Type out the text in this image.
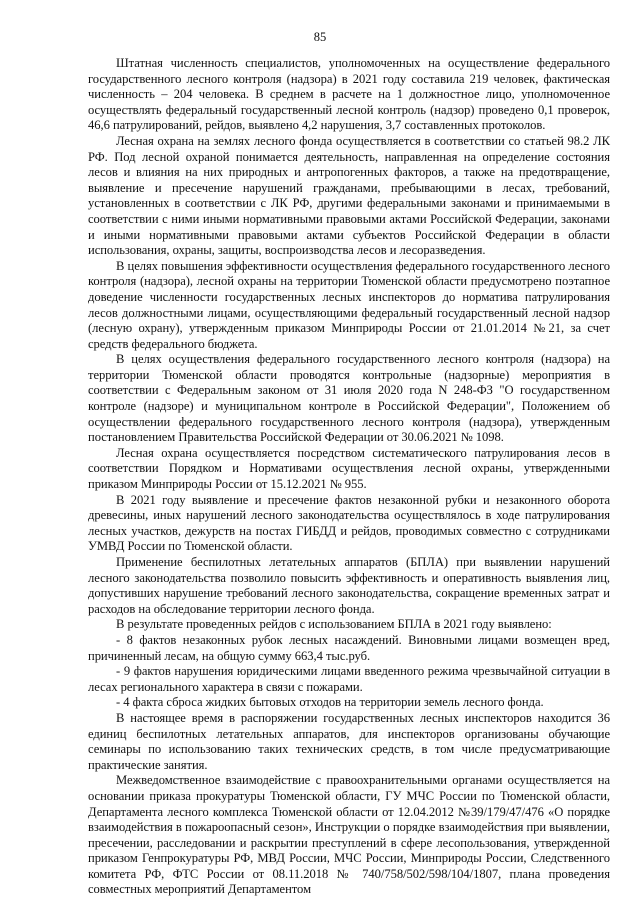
85

Штатная численность специалистов, уполномоченных на осуществление федерального государственного лесного контроля (надзора) в 2021 году составила 219 человек, фактическая численность – 204 человека. В среднем в расчете на 1 должностное лицо, уполномоченное осуществлять федеральный государственный лесной контроль (надзор) проведено 0,1 проверок, 46,6 патрулирований, рейдов, выявлено 4,2 нарушения, 3,7 составленных протоколов.

Лесная охрана на землях лесного фонда осуществляется в соответствии со статьей 98.2 ЛК РФ. Под лесной охраной понимается деятельность, направленная на определение состояния лесов и влияния на них природных и антропогенных факторов, а также на предотвращение, выявление и пресечение нарушений гражданами, пребывающими в лесах, требований, установленных в соответствии с ЛК РФ, другими федеральными законами и принимаемыми в соответствии с ними иными нормативными правовыми актами Российской Федерации, законами и иными нормативными правовыми актами субъектов Российской Федерации в области использования, охраны, защиты, воспроизводства лесов и лесоразведения.

В целях повышения эффективности осуществления федерального государственного лесного контроля (надзора), лесной охраны на территории Тюменской области предусмотрено поэтапное доведение численности государственных лесных инспекторов до норматива патрулирования лесов должностными лицами, осуществляющими федеральный государственный лесной надзор (лесную охрану), утвержденным приказом Минприроды России от 21.01.2014 №21, за счет средств федерального бюджета.

В целях осуществления федерального государственного лесного контроля (надзора) на территории Тюменской области проводятся контрольные (надзорные) мероприятия в соответствии с Федеральным законом от 31 июля 2020 года N 248-ФЗ "О государственном контроле (надзоре) и муниципальном контроле в Российской Федерации", Положением об осуществлении федерального государственного лесного контроля (надзора), утвержденным постановлением Правительства Российской Федерации от 30.06.2021 № 1098.

Лесная охрана осуществляется посредством систематического патрулирования лесов в соответствии Порядком и Нормативами осуществления лесной охраны, утвержденными приказом Минприроды России от 15.12.2021 № 955.

В 2021 году выявление и пресечение фактов незаконной рубки и незаконного оборота древесины, иных нарушений лесного законодательства осуществлялось в ходе патрулирования лесных участков, дежурств на постах ГИБДД и рейдов, проводимых совместно с сотрудниками УМВД России по Тюменской области.

Применение беспилотных летательных аппаратов (БПЛА) при выявлении нарушений лесного законодательства позволило повысить эффективность и оперативность выявления лиц, допустивших нарушение требований лесного законодательства, сокращение временных затрат и расходов на обследование территории лесного фонда.

В результате проведенных рейдов с использованием БПЛА в 2021 году выявлено:

- 8 фактов незаконных рубок лесных насаждений. Виновными лицами возмещен вред, причиненный лесам, на общую сумму 663,4 тыс.руб.

- 9 фактов нарушения юридическими лицами введенного режима чрезвычайной ситуации в лесах регионального характера в связи с пожарами.

- 4 факта сброса жидких бытовых отходов на территории земель лесного фонда.

В настоящее время в распоряжении государственных лесных инспекторов находится 36 единиц беспилотных летательных аппаратов, для инспекторов организованы обучающие семинары по использованию таких технических средств, в том числе предусматривающие практические занятия.

Межведомственное взаимодействие с правоохранительными органами осуществляется на основании приказа прокуратуры Тюменской области, ГУ МЧС России по Тюменской области, Департамента лесного комплекса Тюменской области от 12.04.2012 №39/179/47/476 «О порядке взаимодействия в пожароопасный сезон», Инструкции о порядке взаимодействия при выявлении, пресечении, расследовании и раскрытии преступлений в сфере лесопользования, утвержденной приказом Генпрокуратуры РФ, МВД России, МЧС России, Минприроды России, Следственного комитета РФ, ФТС России от 08.11.2018 № 740/758/502/598/104/1807, плана проведения совместных мероприятий Департаментом
